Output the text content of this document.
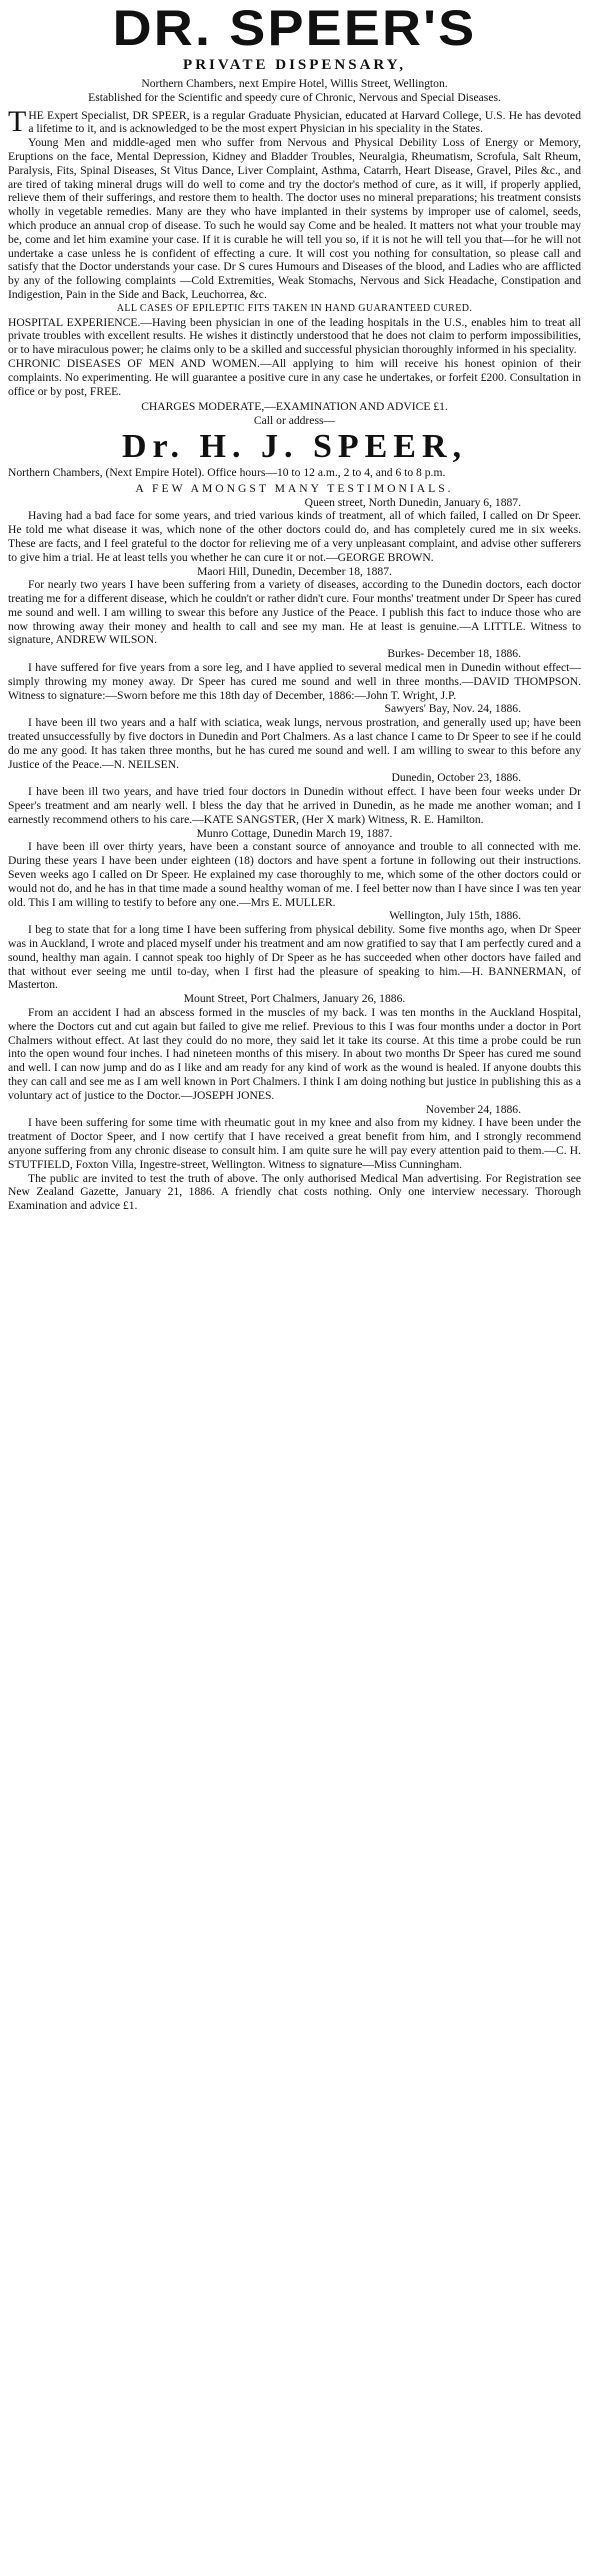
DR. SPEER'S
PRIVATE DISPENSARY,

Northern Chambers, next Empire Hotel, Willis Street, Wellington.

Established for the Scientific and speedy cure of Chronic, Nervous and Special Diseases.

THE Expert Specialist, DR SPEER, is a regular Graduate Physician, educated at Harvard College, U.S. He has devoted a lifetime to it, and is acknowledged to be the most expert Physician in his speciality in the States.

Young Men and middle-aged men who suffer from Nervous and Physical Debility Loss of Energy or Memory, Eruptions on the face, Mental Depression, Kidney and Bladder Troubles, Neuralgia, Rheumatism, Scrofula, Salt Rheum, Paralysis, Fits, Spinal Diseases, St Vitus Dance, Liver Complaint, Asthma, Catarrh, Heart Disease, Gravel, Piles &c., and are tired of taking mineral drugs will do well to come and try the doctor's method of cure, as it will, if properly applied, relieve them of their sufferings, and restore them to health. The doctor uses no mineral preparations; his treatment consists wholly in vegetable remedies. Many are they who have implanted in their systems by improper use of calomel, seeds, which produce an annual crop of disease. To such he would say Come and be healed. It matters not what your trouble may be, come and let him examine your case. If it is curable he will tell you so, if it is not he will tell you that—for he will not undertake a case unless he is confident of effecting a cure. It will cost you nothing for consultation, so please call and satisfy that the Doctor understands your case. Dr S cures Humours and Diseases of the blood, and Ladies who are afflicted by any of the following complaints —Cold Extremities, Weak Stomachs, Nervous and Sick Headache, Constipation and Indigestion, Pain in the Side and Back, Leuchorrea, &c.

ALL CASES OF EPILEPTIC FITS TAKEN IN HAND GUARANTEED CURED.

HOSPITAL EXPERIENCE.—Having been physician in one of the leading hospitals in the U.S., enables him to treat all private troubles with excellent results. He wishes it distinctly understood that he does not claim to perform impossibilities, or to have miraculous power; he claims only to be a skilled and successful physician thoroughly informed in his speciality.

CHRONIC DISEASES OF MEN AND WOMEN.—All applying to him will receive his honest opinion of their complaints. No experimenting. He will guarantee a positive cure in any case he undertakes, or forfeit £200. Consultation in office or by post, FREE.

CHARGES MODERATE,—EXAMINATION AND ADVICE £1.

Call or address—

Dr. H. J. SPEER,

Northern Chambers, (Next Empire Hotel). Office hours—10 to 12 a.m., 2 to 4, and 6 to 8 p.m.

A FEW AMONGST MANY TESTIMONIALS.

Queen street, North Dunedin, January 6, 1887.

Having had a bad face for some years, and tried various kinds of treatment, all of which failed, I called on Dr Speer. He told me what disease it was, which none of the other doctors could do, and has completely cured me in six weeks. These are facts, and I feel grateful to the doctor for relieving me of a very unpleasant complaint, and advise other sufferers to give him a trial. He at least tells you whether he can cure it or not.—GEORGE BROWN.

Maori Hill, Dunedin, December 18, 1887.

For nearly two years I have been suffering from a variety of diseases, according to the Dunedin doctors, each doctor treating me for a different disease, which he couldn't or rather didn't cure. Four months' treatment under Dr Speer has cured me sound and well. I am willing to swear this before any Justice of the Peace. I publish this fact to induce those who are now throwing away their money and health to call and see my man. He at least is genuine.—A LITTLE. Witness to signature, ANDREW WILSON.

Burkes- December 18, 1886.

I have suffered for five years from a sore leg, and I have applied to several medical men in Dunedin without effect—simply throwing my money away. Dr Speer has cured me sound and well in three months.—DAVID THOMPSON. Witness to signature:—Sworn before me this 18th day of December, 1886:—John T. Wright, J.P.

Sawyers' Bay, Nov. 24, 1886.

I have been ill two years and a half with sciatica, weak lungs, nervous prostration, and generally used up; have been treated unsuccessfully by five doctors in Dunedin and Port Chalmers. As a last chance I came to Dr Speer to see if he could do me any good. It has taken three months, but he has cured me sound and well. I am willing to swear to this before any Justice of the Peace.—N. NEILSEN.

Dunedin, October 23, 1886.

I have been ill two years, and have tried four doctors in Dunedin without effect. I have been four weeks under Dr Speer's treatment and am nearly well. I bless the day that he arrived in Dunedin, as he made me another woman; and I earnestly recommend others to his care.—KATE SANGSTER, (Her X mark) Witness, R. E. Hamilton.

Munro Cottage, Dunedin March 19, 1887.

I have been ill over thirty years, have been a constant source of annoyance and trouble to all connected with me. During these years I have been under eighteen (18) doctors and have spent a fortune in following out their instructions. Seven weeks ago I called on Dr Speer. He explained my case thoroughly to me, which some of the other doctors could or would not do, and he has in that time made a sound healthy woman of me. I feel better now than I have since I was ten year old. This I am willing to testify to before any one.—Mrs E. MULLER.

Wellington, July 15th, 1886.

I beg to state that for a long time I have been suffering from physical debility. Some five months ago, when Dr Speer was in Auckland, I wrote and placed myself under his treatment and am now gratified to say that I am perfectly cured and a sound, healthy man again. I cannot speak too highly of Dr Speer as he has succeeded when other doctors have failed and that without ever seeing me until to-day, when I first had the pleasure of speaking to him.—H. BANNERMAN, of Masterton.

Mount Street, Port Chalmers, January 26, 1886.

From an accident I had an abscess formed in the muscles of my back. I was ten months in the Auckland Hospital, where the Doctors cut and cut again but failed to give me relief. Previous to this I was four months under a doctor in Port Chalmers without effect. At last they could do no more, they said let it take its course. At this time a probe could be run into the open wound four inches. I had nineteen months of this misery. In about two months Dr Speer has cured me sound and well. I can now jump and do as I like and am ready for any kind of work as the wound is healed. If anyone doubts this they can call and see me as I am well known in Port Chalmers. I think I am doing nothing but justice in publishing this as a voluntary act of justice to the Doctor.—JOSEPH JONES.

November 24, 1886.

I have been suffering for some time with rheumatic gout in my knee and also from my kidney. I have been under the treatment of Doctor Speer, and I now certify that I have received a great benefit from him, and I strongly recommend anyone suffering from any chronic disease to consult him. I am quite sure he will pay every attention paid to them.—C. H. STUTFIELD, Foxton Villa, Ingestre-street, Wellington. Witness to signature—Miss Cunningham.

The public are invited to test the truth of above. The only authorised Medical Man advertising. For Registration see New Zealand Gazette, January 21, 1886. A friendly chat costs nothing. Only one interview necessary. Thorough Examination and advice £1.
